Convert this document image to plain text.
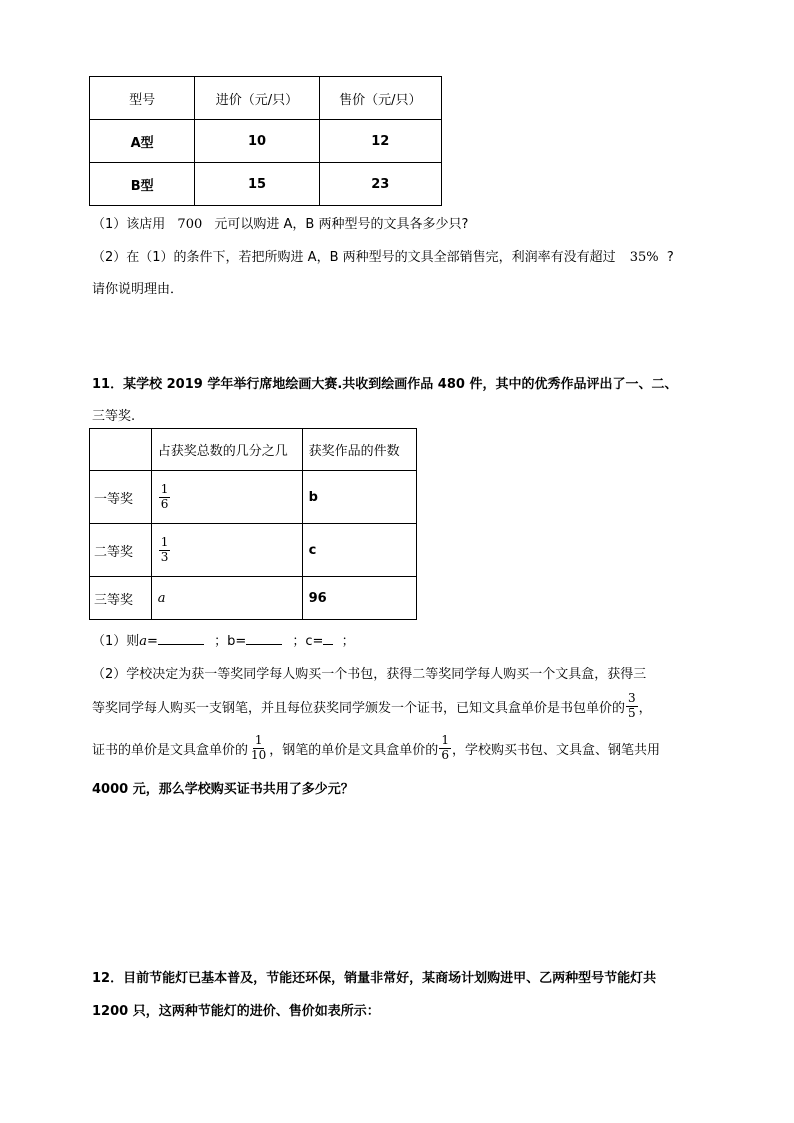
型号	进价（元/只）	售价（元/只）
A型	10	12
B型	15	23
（1）该店用 700 元可以购进 A，B 两种型号的文具各多少只?
（2）在（1）的条件下，若把所购进 A，B 两种型号的文具全部销售完，利润率有没有超过 35% ?
请你说明理由．
11．某学校 2019 学年举行席地绘画大赛.共收到绘画作品 480 件，其中的优秀作品评出了一、二、
三等奖.
	占获奖总数的几分之几	获奖作品的件数
一等奖	$\frac{1}{6}$	b
二等奖	$\frac{1}{3}$	c
三等奖	a	96
（1）则a=	；b=	；c= ；
（2）学校决定为获一等奖同学每人购买一个书包，获得二等奖同学每人购买一个文具盒，获得三
等奖同学每人购买一支钢笔，并且每位获奖同学颁发一个证书，已知文具盒单价是书包单价的 $\frac{3}{5}$ ，
证书的单价是文具盒单价的 $\frac{1}{10}$ ，钢笔的单价是文具盒单价的 $\frac{1}{6}$ ，学校购买书包、文具盒、钢笔共用
4000 元，那么学校购买证书共用了多少元？
12．目前节能灯已基本普及，节能还环保，销量非常好，某商场计划购进甲、乙两种型号节能灯共
1200 只，这两种节能灯的进价、售价如表所示：
